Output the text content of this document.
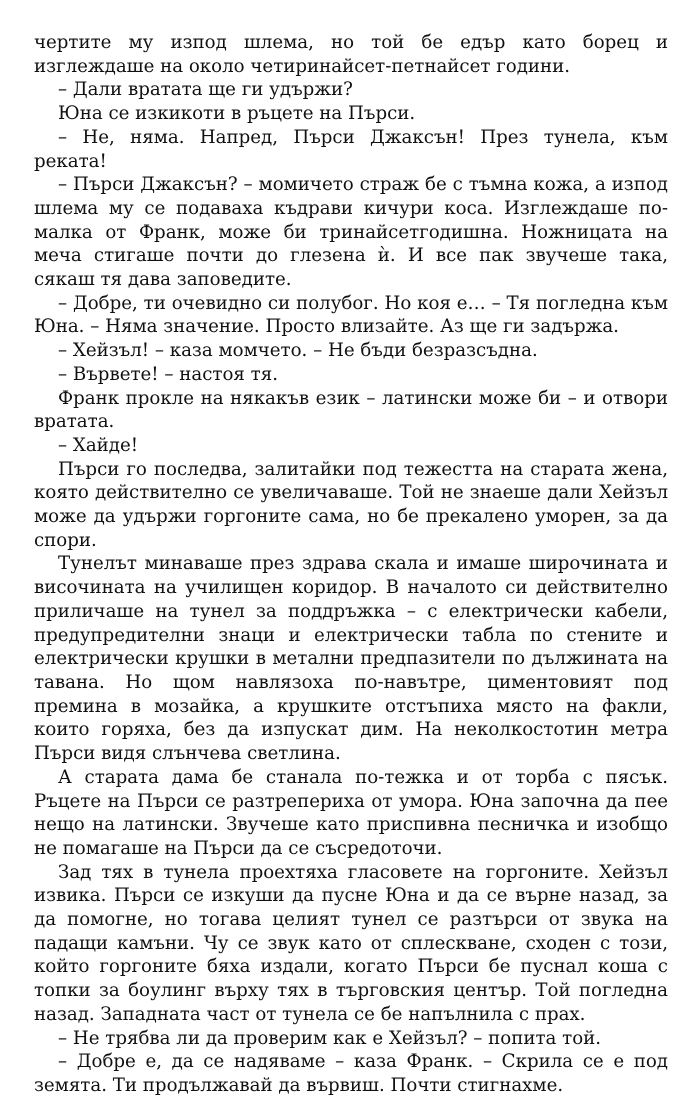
чертите му изпод шлема, но той бе едър като борец и изглеждаше на около четиринайсет-петнайсет години.

– Дали вратата ще ги удържи?

Юна се изкикоти в ръцете на Пърси.

– Не, няма. Напред, Пърси Джаксън! През тунела, към реката!

– Пърси Джаксън? – момичето страж бе с тъмна кожа, а изпод шлема му се подаваха къдрави кичури коса. Изглеждаше по-малка от Франк, може би тринайсетгодишна. Ножницата на меча стигаше почти до глезена ѝ. И все пак звучеше така, сякаш тя дава заповедите.

– Добре, ти очевидно си полубог. Но коя е… – Тя погледна към Юна. – Няма значение. Просто влизайте. Аз ще ги задържа.

– Хейзъл! – каза момчето. – Не бъди безразсъдна.

– Вървете! – настоя тя.

Франк прокле на някакъв език – латински може би – и отвори вратата.

– Хайде!

Пърси го последва, залитайки под тежестта на старата жена, която действително се увеличаваше. Той не знаеше дали Хейзъл може да удържи горгоните сама, но бе прекалено уморен, за да спори.

Тунелът минаваше през здрава скала и имаше широчината и височината на училищен коридор. В началото си действително приличаше на тунел за поддръжка – с електрически кабели, предупредителни знаци и електрически табла по стените и електрически крушки в метални предпазители по дължината на тавана. Но щом навлязоха по-навътре, циментовият под премина в мозайка, а крушките отстъпиха място на факли, които горяха, без да изпускат дим. На неколкостотин метра Пърси видя слънчева светлина.

А старата дама бе станала по-тежка и от торба с пясък. Ръцете на Пърси се разтреперихa от умора. Юна започна да пее нещо на латински. Звучеше като приспивна песничка и изобщо не помагаше на Пърси да се съсредоточи.

Зад тях в тунела проехтяха гласовете на горгоните. Хейзъл извика. Пърси се изкуши да пусне Юна и да се върне назад, за да помогне, но тогава целият тунел се разтърси от звука на падащи камъни. Чу се звук като от сплескване, сходен с този, който горгоните бяха издали, когато Пърси бе пуснал коша с топки за боулинг върху тях в търговския център. Той погледна назад. Западната част от тунела се бе напълнила с прах.

– Не трябва ли да проверим как е Хейзъл? – попита той.

– Добре е, да се надяваме – каза Франк. – Скрила се е под земята. Ти продължавай да вървиш. Почти стигнахме.
